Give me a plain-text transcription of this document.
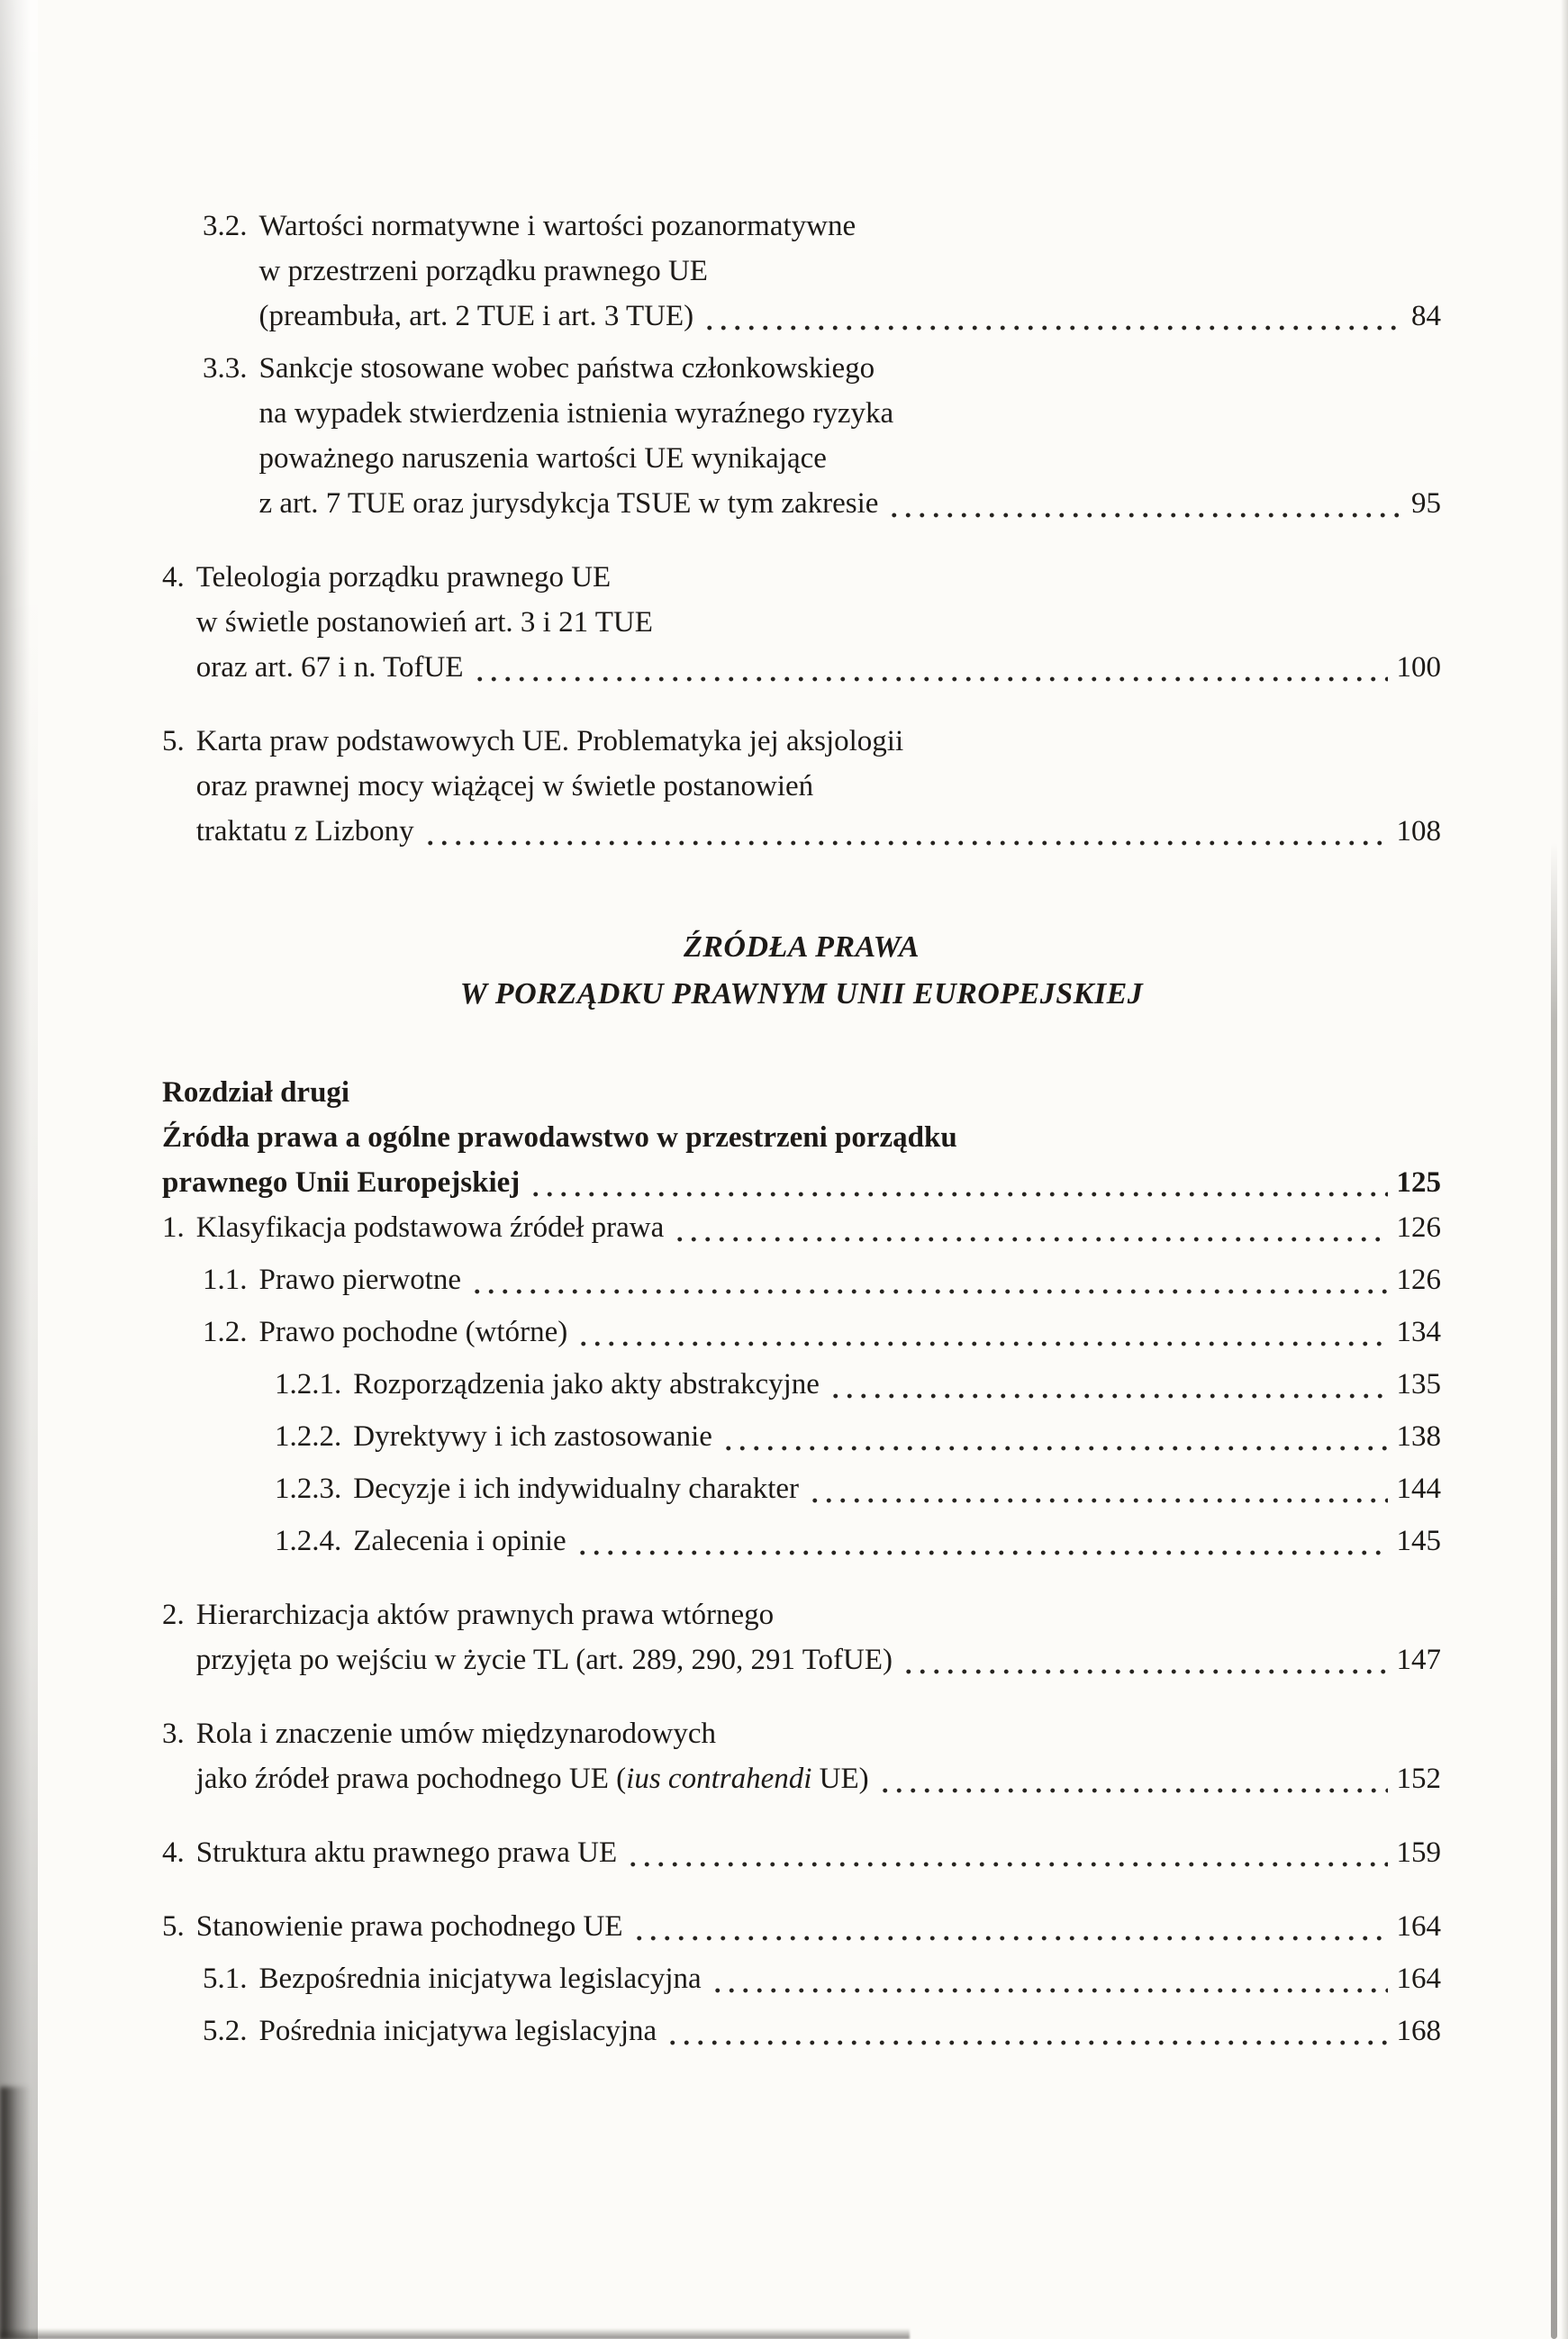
3.2. Wartości normatywne i wartości pozanormatywne
w przestrzeni porządku prawnego UE
(preambuła, art. 2 TUE i art. 3 TUE)	84
3.3. Sankcje stosowane wobec państwa członkowskiego
na wypadek stwierdzenia istnienia wyraźnego ryzyka
poważnego naruszenia wartości UE wynikające
z art. 7 TUE oraz jurysdykcja TSUE w tym zakresie	95
4. Teleologia porządku prawnego UE
w świetle postanowień art. 3 i 21 TUE
oraz art. 67 i n. TofUE	100
5. Karta praw podstawowych UE. Problematyka jej aksjologii
oraz prawnej mocy wiążącej w świetle postanowień
traktatu z Lizbony	108
ŹRÓDŁA PRAWA
W PORZĄDKU PRAWNYM UNII EUROPEJSKIEJ
Rozdział drugi
Źródła prawa a ogólne prawodawstwo w przestrzeni porządku
prawnego Unii Europejskiej	125
1. Klasyfikacja podstawowa źródeł prawa	126
1.1. Prawo pierwotne	126
1.2. Prawo pochodne (wtórne)	134
1.2.1. Rozporządzenia jako akty abstrakcyjne	135
1.2.2. Dyrektywy i ich zastosowanie	138
1.2.3. Decyzje i ich indywidualny charakter	144
1.2.4. Zalecenia i opinie	145
2. Hierarchizacja aktów prawnych prawa wtórnego
przyjęta po wejściu w życie TL (art. 289, 290, 291 TofUE)	147
3. Rola i znaczenie umów międzynarodowych
jako źródeł prawa pochodnego UE (ius contrahendi UE)	152
4. Struktura aktu prawnego prawa UE	159
5. Stanowienie prawa pochodnego UE	164
5.1. Bezpośrednia inicjatywa legislacyjna	164
5.2. Pośrednia inicjatywa legislacyjna	168
